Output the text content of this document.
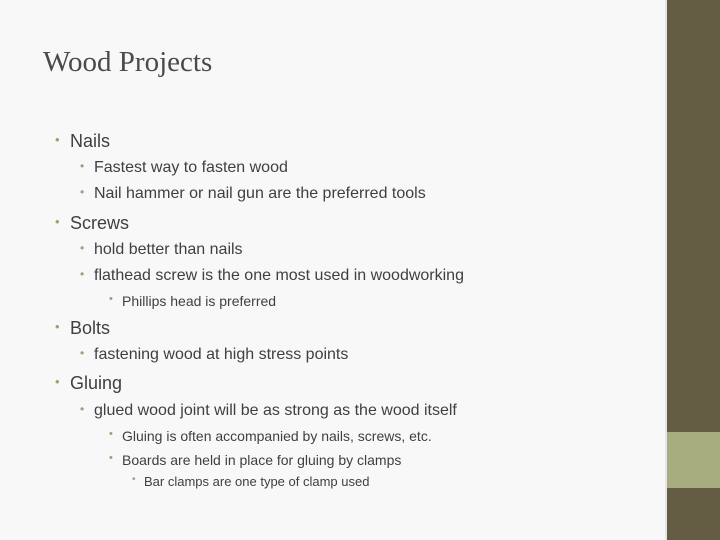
Wood Projects
• Nails
• Fastest way to fasten wood
• Nail hammer or nail gun are the preferred tools
• Screws
• hold better than nails
• flathead screw is the one most used in woodworking
• Phillips head is preferred
• Bolts
• fastening wood at high stress points
• Gluing
• glued wood joint will be as strong as the wood itself
• Gluing is often accompanied by nails, screws, etc.
• Boards are held in place for gluing by clamps
• Bar clamps are one type of clamp used
